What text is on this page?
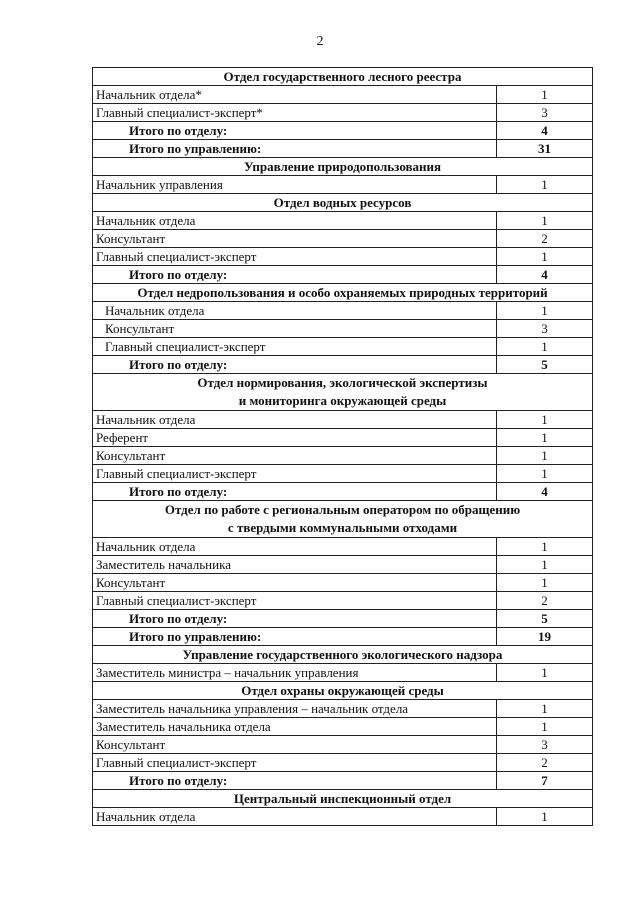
2
Отдел государственного лесного реестра	
Начальник отдела*	1
Главный специалист-эксперт*	3
Итого по отделу:	4
Итого по управлению:	31
Управление природопользования	
Начальник управления	1
Отдел водных ресурсов	
Начальник отдела	1
Консультант	2
Главный специалист-эксперт	1
Итого по отделу:	4
Отдел недропользования и особо охраняемых природных территорий	
Начальник отдела	1
Консультант	3
Главный специалист-эксперт	1
Итого по отделу:	5

Отдел нормирования, экологической экспертизы
и мониторинга окружающей среды	

Начальник отдела	1
Референт	1
Консультант	1
Главный специалист-эксперт	1
Итого по отделу:	4

Отдел по работе с региональным оператором по обращению
с твердыми коммунальными отходами	

Начальник отдела	1
Заместитель начальника	1
Консультант	1
Главный специалист-эксперт	2
Итого по отделу:	5
Итого по управлению:	19
Управление государственного экологического надзора	
Заместитель министра – начальник управления	1
Отдел охраны окружающей среды	
Заместитель начальника управления – начальник отдела	1
Заместитель начальника отдела	1
Консультант	3
Главный специалист-эксперт	2
Итого по отделу:	7
Центральный инспекционный отдел	
Начальник отдела	1
